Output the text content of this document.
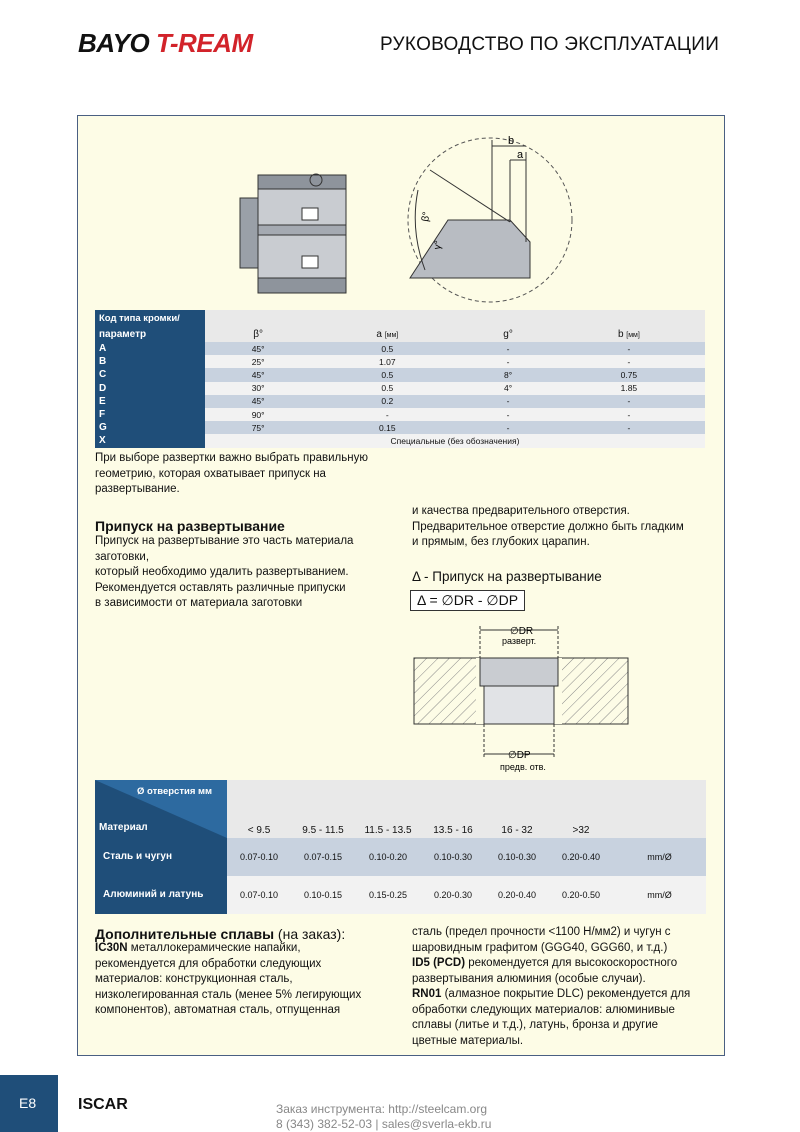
BAYO T-REAM	РУКОВОДСТВО ПО ЭКСПЛУАТАЦИИ
b
a
β°
γ°
Код типа кромки/				
параметр	β°	a [мм]	g°	b [мм]
A	45°	0.5	-	-
B	25°	1.07	-	-
C	45°	0.5	8°	0.75
D	30°	0.5	4°	1.85
E	45°	0.2	-	-
F	90°	-	-	-
G	75°	0.15	-	-
X	Специальные (без обозначения)			
При выборе развертки важно выбрать правильную
геометрию, которая охватывает припуск на
развертывание.
Припуск на развертывание
Припуск на развертывание это часть материала
заготовки,
который необходимо удалить развертыванием.
Рекомендуется оставлять различные припуски
в зависимости от материала заготовки
и качества предварительного отверстия.
Предварительное отверстие должно быть гладким
и прямым, без глубоких царапин.
Δ - Припуск на развертывание
Δ = ∅DR - ∅DP
∅DR
разверт.
∅DP
предв. отв.
Ø отверстия мм
Материал	< 9.5	9.5 - 11.5	11.5 - 13.5	13.5 - 16	16 - 32	>32
Сталь и чугун	0.07-0.10	0.07-0.15	0.10-0.20	0.10-0.30	0.10-0.30	0.20-0.40	mm/Ø
Алюминий и латунь	0.07-0.10	0.10-0.15	0.15-0.25	0.20-0.30	0.20-0.40	0.20-0.50	mm/Ø
Дополнительные сплавы (на заказ):
IC30N металлокерамические напайки,
рекомендуется для обработки следующих
материалов: конструкционная сталь,
низколегированная сталь (менее 5% легирующих
компонентов), автоматная сталь, отпущенная
сталь (предел прочности <1100 Н/мм2) и чугун с
шаровидным графитом (GGG40, GGG60, и т.д.)
ID5 (PCD) рекомендуется для высокоскоростного
развертывания алюминия (особые случаи).
RN01 (алмазное покрытие DLC) рекомендуется для
обработки следующих материалов: алюминивые
сплавы (литье и т.д.), латунь, бронза и другие
цветные материалы.
E8	ISCAR	Заказ инструмента: http://steelcam.org
8 (343) 382-52-03 | sales@sverla-ekb.ru
